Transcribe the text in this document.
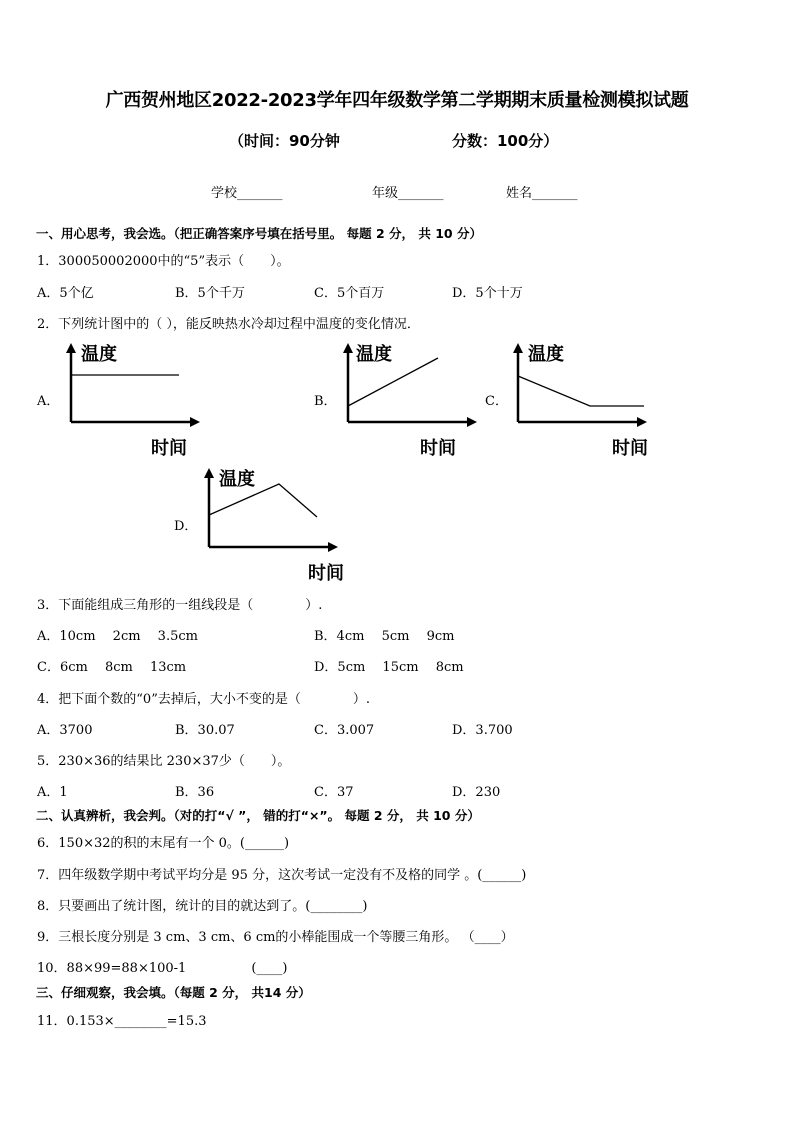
广西贺州地区2022-2023学年四年级数学第二学期期末质量检测模拟试题
（时间：90分钟	分数：100分）
学校_______	年级_______	姓名_______
一、用心思考，我会选。（把正确答案序号填在括号里。 每题 2 分， 共 10 分）
1．300050002000中的“5”表示（　　）。
A．5个亿	B．5个千万	C．5个百万	D．5个十万
2．下列统计图中的（ ），能反映热水冷却过程中温度的变化情况．
A．
温度
时间
B．
温度
时间
C．
温度
时间
D．
温度
时间
3．下面能组成三角形的一组线段是（　　　　）.
A．10cm　 2cm　 3.5cm	B．4cm　 5cm　 9cm
C．6cm　 8cm　 13cm	D．5cm　 15cm　 8cm
4．把下面个数的“0”去掉后，大小不变的是（　　　　）.
A．3700	B．30.07	C．3.007	D．3.700
5．230×36的结果比 230×37少（　　）。
A．1	B．36	C．37	D．230
二、认真辨析，我会判。（对的打“√ ”， 错的打“×”。 每题 2 分， 共 10 分）
6．150×32的积的末尾有一个 0。(______)
7．四年级数学期中考试平均分是 95 分，这次考试一定没有不及格的同学 。(______)
8．只要画出了统计图，统计的目的就达到了。(________)
9．三根长度分别是 3 cm、3 cm、6 cm的小棒能围成一个等腰三角形。 （____）
10．88×99=88×100-1　　　　　(____)
三、仔细观察，我会填。（每题 2 分， 共14 分）
11．0.153×________=15.3
